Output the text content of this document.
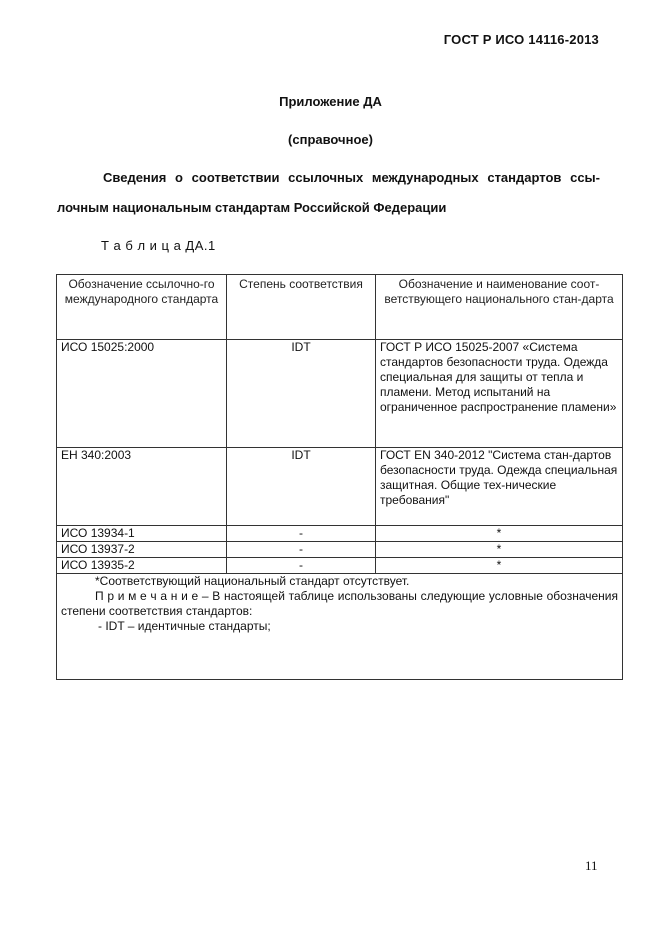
ГОСТ Р ИСО 14116-2013
Приложение ДА
(справочное)
Сведения о соответствии ссылочных международных стандартов ссы-
лочным национальным стандартам Российской Федерации
Т а б л и ц а ДА.1
Обозначение ссылочно-го международного стандарта	Степень соответствия	Обозначение и наименование соот-ветствующего национального стан-дарта

ИСО 15025:2000	IDT	ГОСТ Р ИСО 15025-2007 «Система стандартов безопасности труда. Одежда специальная для защиты от тепла и пламени. Метод испытаний на ограниченное распространение пламени»
ЕН 340:2003	IDT	ГОСТ EN 340-2012 "Система стан-дартов безопасности труда. Одежда специальная защитная. Общие тех-нические требования"
ИСО 13934-1	-	*
ИСО 13937-2	-	*
ИСО 13935-2	-	*

*Соответствующий национальный стандарт отсутствует.
П р и м е ч а н и е – В настоящей таблице использованы следующие условные обозначения степени соответствия стандартов:
- IDT – идентичные стандарты;		
11
